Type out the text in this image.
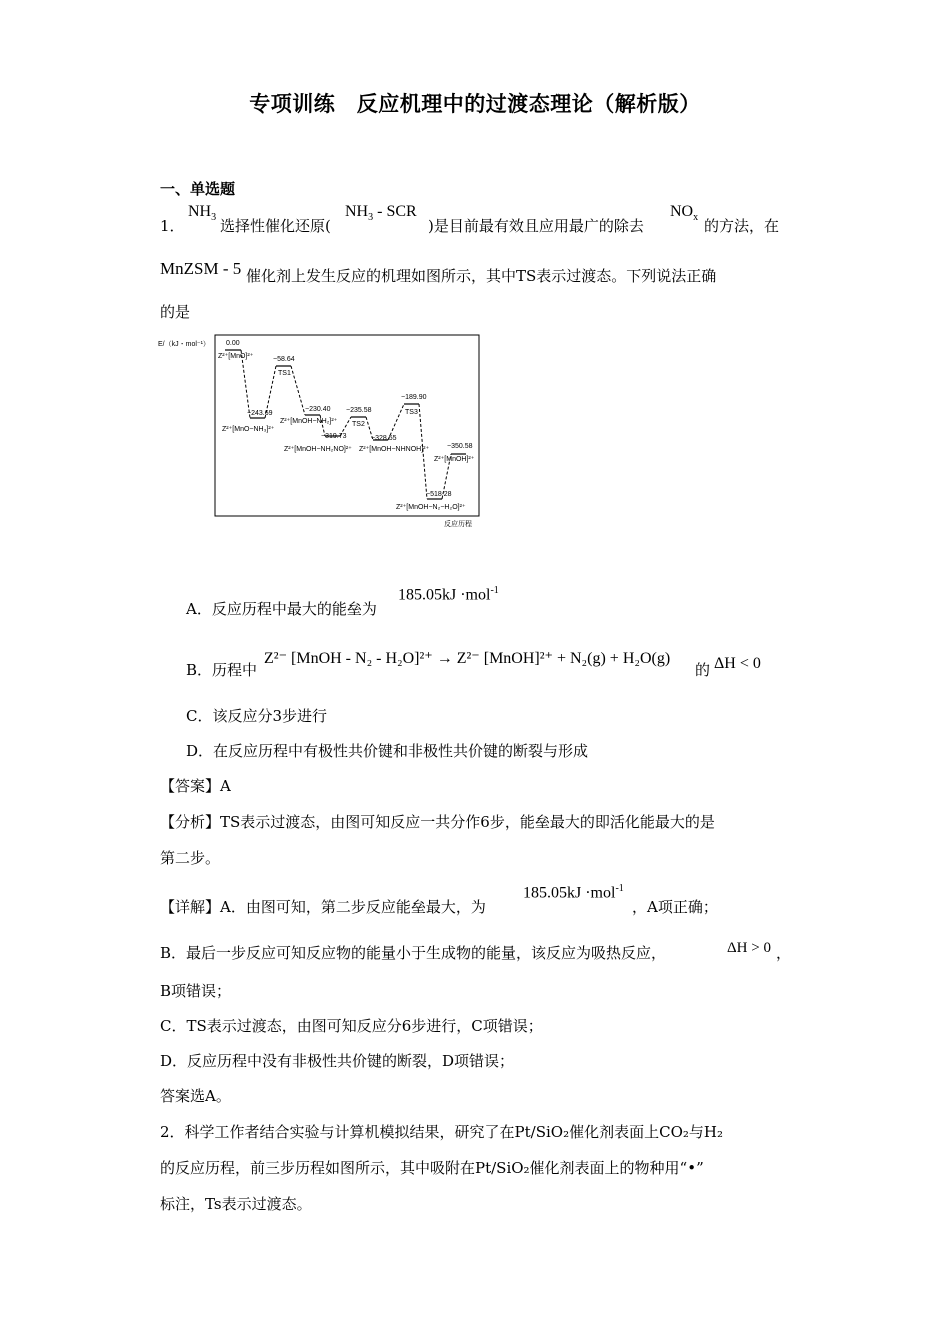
专项训练　反应机理中的过渡态理论（解析版）
一、单选题
1．
$NH_3$ 选择性催化还原(
$NH_3$ - SCR
)是目前最有效且应用最广的除去
$NO_x$ 的方法，在
MnZSM - 5 催化剂上发生反应的机理如图所示，其中TS表示过渡态。下列说法正确
的是
E/（kJ・mol⁻¹）
反应历程
0.00
Z²⁺[MnO]²⁺	−58.64
TS1
−243.69
Z²⁺[MnO−NH₃]²⁺
−230.40
Z²⁺[MnOH−NH₂]²⁺
−319.73
Z²⁺[MnOH−NH₂NO]²⁺
−235.58
TS2
−328.55
Z²⁺[MnOH−NHNOH]²⁺
−189.90
TS3
−350.58
Z²⁺[MnOH]²⁺
−518.28
Z²⁺[MnOH−N₂−H₂O]²⁺
A．反应历程中最大的能垒为
185.05kJ ·mol$^{-1}$
B．历程中
Z²⁻ [MnOH - N₂ - H₂O]²⁺ → Z²⁻ [MnOH]²⁺ + N₂(g) + H₂O(g)
的 ΔH < 0
C．该反应分3步进行
D．在反应历程中有极性共价键和非极性共价键的断裂与形成
【答案】A
【分析】TS表示过渡态，由图可知反应一共分作6步，能垒最大的即活化能最大的是
第二步。
【详解】A．由图可知，第二步反应能垒最大，为
185.05kJ ·mol$^{-1}$
，A项正确；
B．最后一步反应可知反应物的能量小于生成物的能量，该反应为吸热反应，	ΔH > 0 ，
B项错误；
C．TS表示过渡态，由图可知反应分6步进行，C项错误；
D．反应历程中没有非极性共价键的断裂，D项错误；
答案选A。
2．科学工作者结合实验与计算机模拟结果，研究了在Pt/SiO₂催化剂表面上CO₂与H₂
的反应历程，前三步历程如图所示，其中吸附在Pt/SiO₂催化剂表面上的物种用“•”
标注，Ts表示过渡态。
